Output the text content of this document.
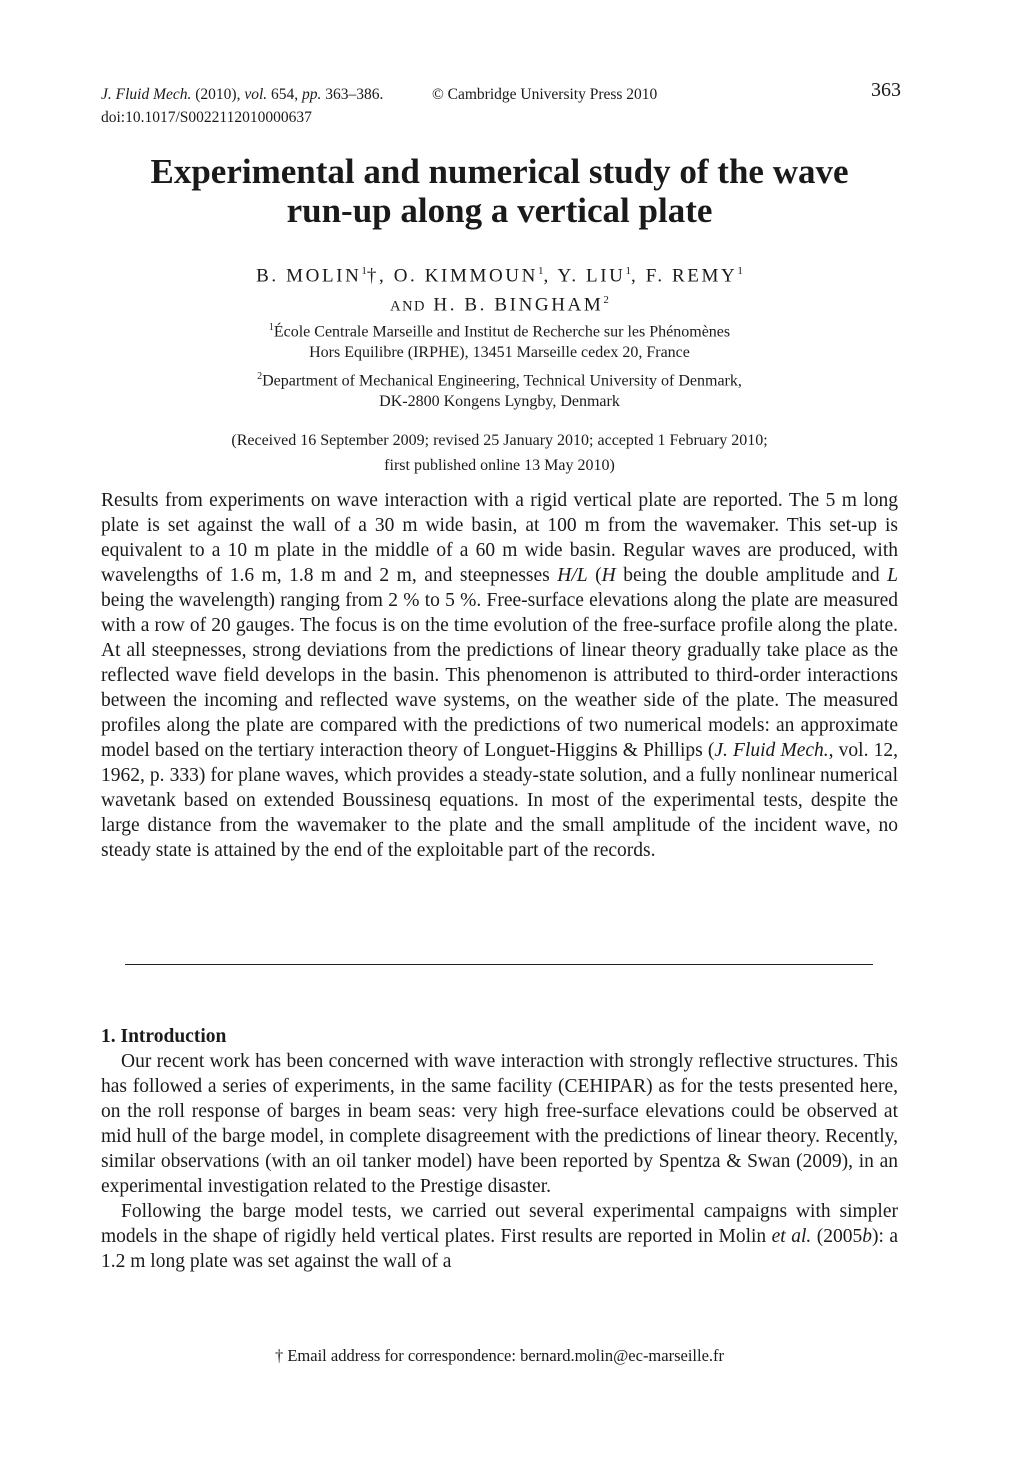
J. Fluid Mech.
(2010),
vol.
654,
pp.
363–386.	© Cambridge University Press 2010	363
doi:10.1017/S0022112010000637
Experimental and numerical study of the wave
run-up along a vertical plate
B. MOLIN$^1$†, O. KIMMOUN$^1$, Y. LIU$^1$, F. REMY$^1$
AND H. B. BINGHAM$^2$
$^1$École Centrale Marseille and Institut de Recherche sur les Phénomènes
Hors Equilibre (IRPHE), 13451 Marseille cedex 20, France
$^2$Department of Mechanical Engineering, Technical University of Denmark,
DK-2800 Kongens Lyngby, Denmark
(Received 16 September 2009; revised 25 January 2010; accepted 1 February 2010;
first published online 13 May 2010)

Results from experiments on wave interaction with a rigid vertical plate are reported. The 5 m long plate is set against the wall of a 30 m wide basin, at 100 m from the wavemaker. This set-up is equivalent to a 10 m plate in the middle of a 60 m wide basin. Regular waves are produced, with wavelengths of 1.6 m, 1.8 m and 2 m, and steepnesses H/L (H being the double amplitude and L being the wavelength) ranging from 2 % to 5 %. Free-surface elevations along the plate are measured with a row of 20 gauges. The focus is on the time evolution of the free-surface profile along the plate. At all steepnesses, strong deviations from the predictions of linear theory gradually take place as the reflected wave field develops in the basin. This phenomenon is attributed to third-order interactions between the incoming and reflected wave systems, on the weather side of the plate. The measured profiles along the plate are compared with the predictions of two numerical models: an approximate model based on the tertiary interaction theory of Longuet-Higgins & Phillips (J. Fluid Mech., vol. 12, 1962, p. 333) for plane waves, which provides a steady-state solution, and a fully nonlinear numerical wavetank based on extended Boussinesq equations. In most of the experimental tests, despite the large distance from the wavemaker to the plate and the small amplitude of the incident wave, no steady state is attained by the end of the exploitable part of the records.

1. Introduction

Our recent work has been concerned with wave interaction with strongly reflective structures. This has followed a series of experiments, in the same facility (CEHIPAR) as for the tests presented here, on the roll response of barges in beam seas: very high free-surface elevations could be observed at mid hull of the barge model, in complete disagreement with the predictions of linear theory. Recently, similar observations (with an oil tanker model) have been reported by Spentza & Swan (2009), in an experimental investigation related to the Prestige disaster.

Following the barge model tests, we carried out several experimental campaigns with simpler models in the shape of rigidly held vertical plates. First results are reported in Molin et al. (2005b): a 1.2 m long plate was set against the wall of a

† Email address for correspondence: bernard.molin@ec-marseille.fr
